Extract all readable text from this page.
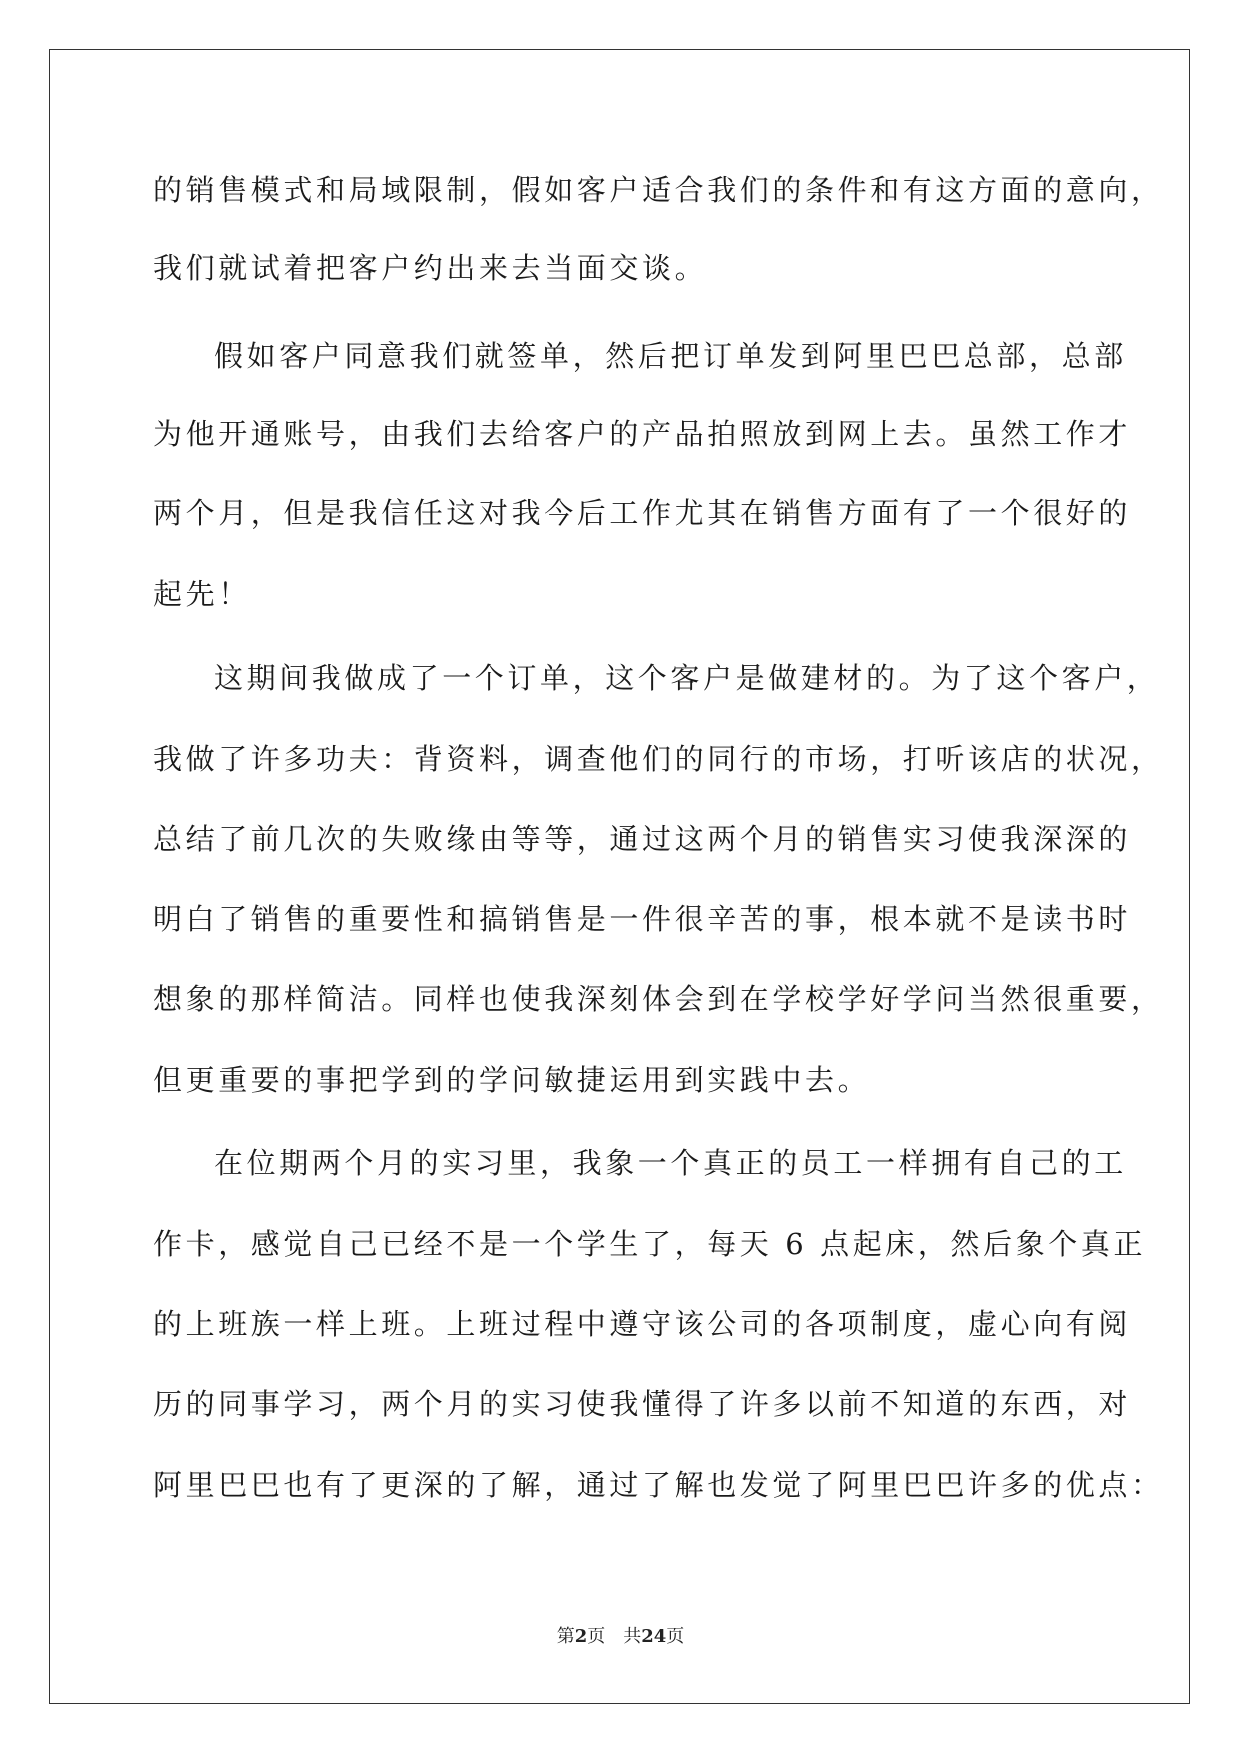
的销售模式和局域限制，假如客户适合我们的条件和有这方面的意向，
我们就试着把客户约出来去当面交谈。
假如客户同意我们就签单，然后把订单发到阿里巴巴总部，总部
为他开通账号，由我们去给客户的产品拍照放到网上去。虽然工作才
两个月，但是我信任这对我今后工作尤其在销售方面有了一个很好的
起先！
这期间我做成了一个订单，这个客户是做建材的。为了这个客户，
我做了许多功夫：背资料，调查他们的同行的市场，打听该店的状况，
总结了前几次的失败缘由等等，通过这两个月的销售实习使我深深的
明白了销售的重要性和搞销售是一件很辛苦的事，根本就不是读书时
想象的那样简洁。同样也使我深刻体会到在学校学好学问当然很重要，
但更重要的事把学到的学问敏捷运用到实践中去。
在位期两个月的实习里，我象一个真正的员工一样拥有自己的工
作卡，感觉自己已经不是一个学生了，每天 6 点起床，然后象个真正
的上班族一样上班。上班过程中遵守该公司的各项制度，虚心向有阅
历的同事学习，两个月的实习使我懂得了许多以前不知道的东西，对
阿里巴巴也有了更深的了解，通过了解也发觉了阿里巴巴许多的优点：
第2页　共24页
